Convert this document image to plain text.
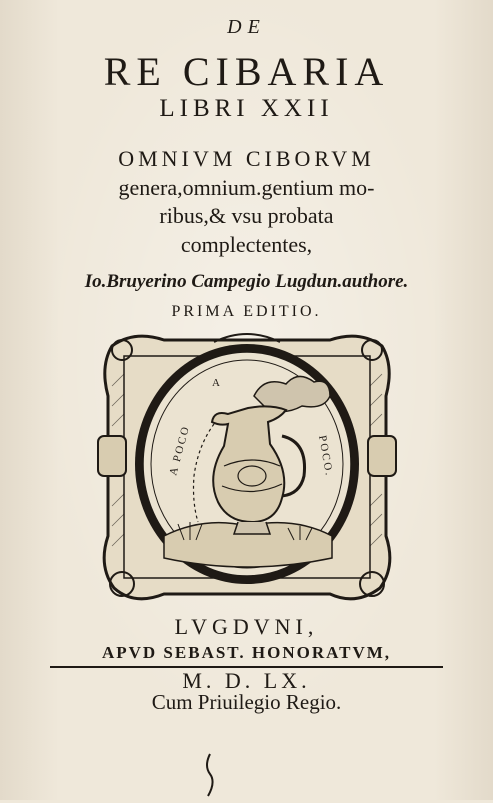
DE
RE CIBARIA
LIBRI XXII
OMNIVM CIBORVM
genera,omnium.gentium mo-
ribus,& vsu probata
complectentes,
Io.Bruyerino Campegio Lugdun.authore.
PRIMA EDITIO.
A POCO
A
POCO.
LVGDVNI,
APVD SEBAST. HONORATVM,
M. D. LX.
Cum Priuilegio Regio.
